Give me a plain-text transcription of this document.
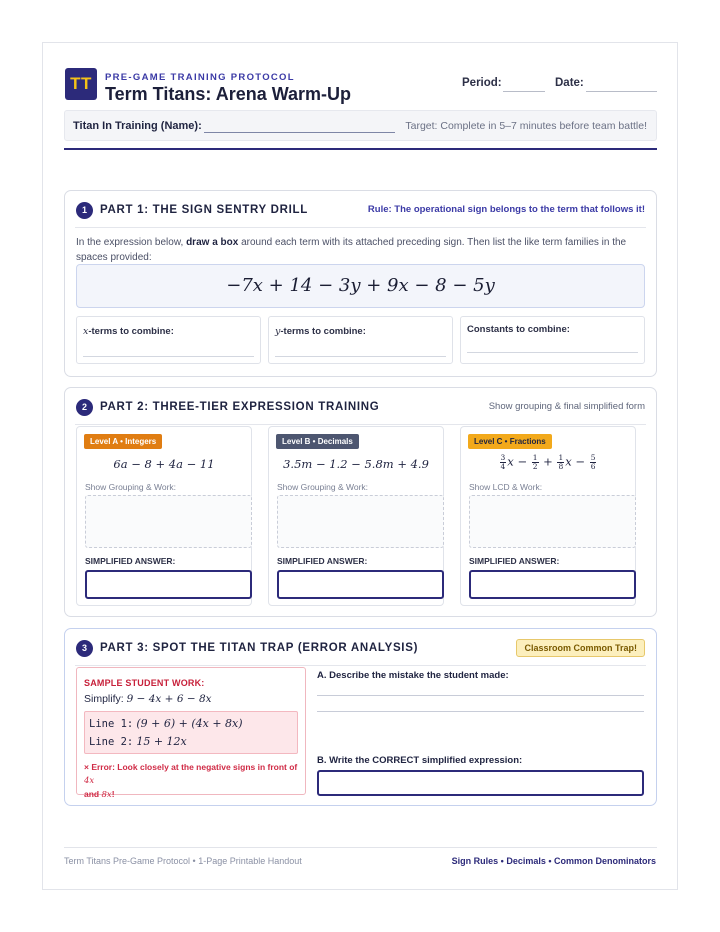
TT	PRE-GAME TRAINING PROTOCOL
Term Titans: Arena Warm-Up
Period:	Date:
Titan In Training (Name):	Target: Complete in 5–7 minutes before team battle!
1	PART 1: THE SIGN SENTRY DRILL	Rule: The operational sign belongs to the term that follows it!
In the expression below, draw a box around each term with its attached preceding sign. Then list the like term families in the spaces provided:
−7x + 14 − 3y + 9x − 8 − 5y
x-terms to combine:	y-terms to combine:	Constants to combine:
2	PART 2: THREE-TIER EXPRESSION TRAINING	Show grouping & final simplified form
Level A • Integers
6a − 8 + 4a − 11
Show Grouping & Work:
SIMPLIFIED ANSWER:
Level B • Decimals
3.5m − 1.2 − 5.8m + 4.9
Show Grouping & Work:
SIMPLIFIED ANSWER:
Level C • Fractions
$\frac{3}{4}$ $x - \frac{1}{2} + \frac{1}{8}$ $x - \frac{5}{6}$
Show LCD & Work:
SIMPLIFIED ANSWER:
3	PART 3: SPOT THE TITAN TRAP (ERROR ANALYSIS)	Classroom Common Trap!
SAMPLE STUDENT WORK:
Simplify: 9 − 4x + 6 − 8x
Line 1: (9 + 6) + (4x + 8x)
Line 2: 15 + 12x
× Error: Look closely at the negative signs in front of 4x
and 8x!
A. Describe the mistake the student made:
B. Write the CORRECT simplified expression:
Term Titans Pre-Game Protocol • 1-Page Printable Handout	Sign Rules • Decimals • Common Denominators
